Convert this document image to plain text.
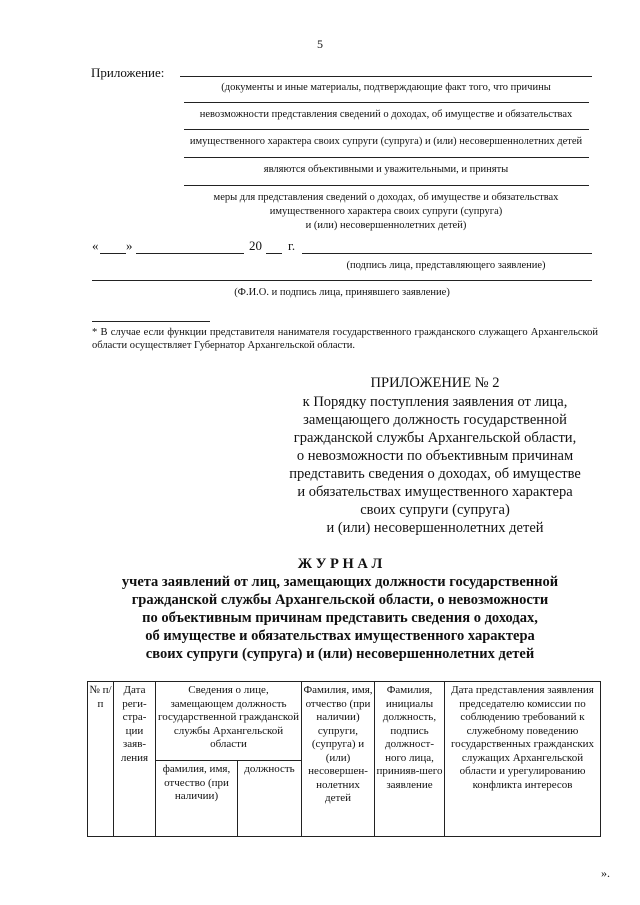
5
Приложение:
(документы и иные материалы, подтверждающие факт того, что причины
невозможности представления сведений о доходах, об имуществе и обязательствах
имущественного характера своих супруги (супруга) и (или) несовершеннолетних детей
являются объективными и уважительными, и приняты
меры для представления сведений о доходах, об имуществе и обязательствах
имущественного характера своих супруги (супруга)
и (или) несовершеннолетних детей)
« »	20 г.
(подпись лица, представляющего заявление)
(Ф.И.О. и подпись лица, принявшего заявление)
* В случае если функции представителя нанимателя государственного гражданского служащего Архангельской области осуществляет Губернатор Архангельской области.
ПРИЛОЖЕНИЕ № 2
к Порядку поступления заявления от лица,
замещающего должность государственной
гражданской службы Архангельской области,
о невозможности по объективным причинам
представить сведения о доходах, об имуществе
и обязательствах имущественного характера
своих супруги (супруга)
и (или) несовершеннолетних детей
Ж У Р Н А Л
учета заявлений от лиц, замещающих должности государственной
гражданской службы Архангельской области, о невозможности
по объективным причинам представить сведения о доходах,
об имуществе и обязательствах имущественного характера
своих супруги (супруга) и (или) несовершеннолетних детей
№ п/п	Дата реги-стра-ции заяв-ления	Сведения о лице, замещающем должность государственной гражданской службы Архангельской области		Фамилия, имя, отчество (при наличии) супруги, (супруга) и (или) несовершен-нолетних детей	Фамилия, инициалы должность, подпись должност-ного лица, принияв-шего заявление	Дата представления заявления председателю комиссии по соблюдению требований к служебному поведению государственных гражданских служащих Архангельской области и урегулированию конфликта интересов
		фамилия, имя, отчество (при наличии)	должность			
».
